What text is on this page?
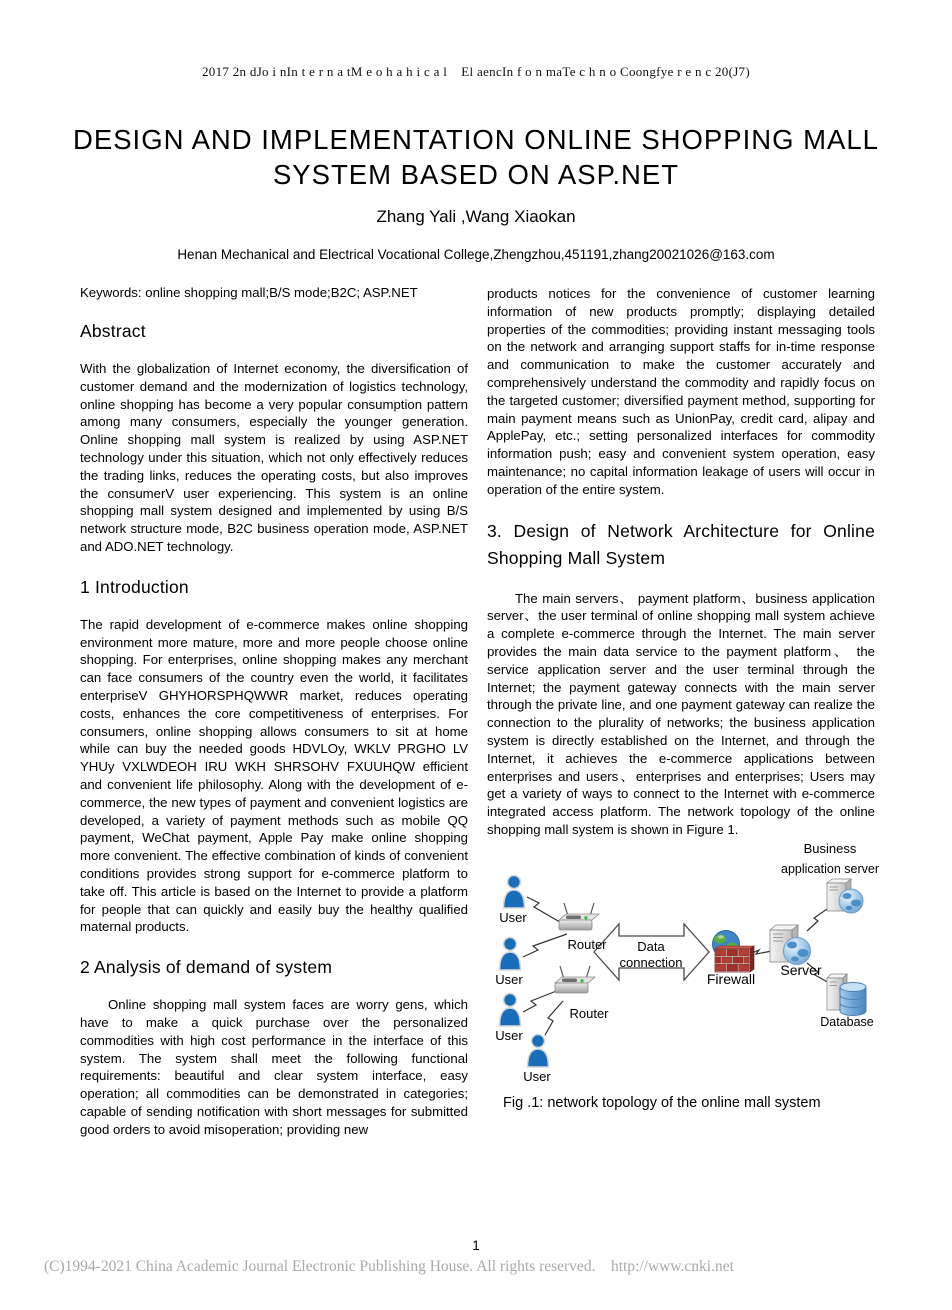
2017 2n dJo i nIn t e r n a tM e o h a h i c a l    El aencIn f o n maTe c h n o Coongfye r e n c 20(J7)
DESIGN AND IMPLEMENTATION ONLINE SHOPPING MALL SYSTEM BASED ON ASP.NET
Zhang Yali ,Wang Xiaokan
Henan Mechanical and Electrical Vocational College,Zhengzhou,451191,zhang20021026@163.com
Keywords: online shopping mall;B/S mode;B2C; ASP.NET
Abstract

With the globalization of Internet economy, the diversification of customer demand and the modernization of logistics technology, online shopping has become a very popular consumption pattern among many consumers, especially the younger generation. Online shopping mall system is realized by using ASP.NET technology under this situation, which not only effectively reduces the trading links, reduces the operating costs, but also improves the consumerV user experiencing. This system is an online shopping mall system designed and implemented by using B/S network structure mode, B2C business operation mode, ASP.NET and ADO.NET technology.

1 Introduction

The rapid development of e-commerce makes online shopping environment more mature, more and more people choose online shopping. For enterprises, online shopping makes any merchant can face consumers of the country even the world, it facilitates enterpriseV GHYHORSPHQWWR market, reduces operating costs, enhances the core competitiveness of enterprises. For consumers, online shopping allows consumers to sit at home while can buy the needed goods HDVLOy, WKLV PRGHO LV YHUy VXLWDEOH IRU WKH SHRSOHV FXUUHQW efficient and convenient life philosophy. Along with the development of e-commerce, the new types of payment and convenient logistics are developed, a variety of payment methods such as mobile QQ payment, WeChat payment, Apple Pay make online shopping more convenient. The effective combination of kinds of convenient conditions provides strong support for e-commerce platform to take off. This article is based on the Internet to provide a platform for people that can quickly and easily buy the healthy qualified maternal products.

2 Analysis of demand of system

Online shopping mall system faces are worry gens, which have to make a quick purchase over the personalized commodities with high cost performance in the interface of this system. The system shall meet the following functional requirements: beautiful and clear system interface, easy operation; all commodities can be demonstrated in categories; capable of sending notification with short messages for submitted good orders to avoid misoperation; providing new

products notices for the convenience of customer learning information of new products promptly; displaying detailed properties of the commodities; providing instant messaging tools on the network and arranging support staffs for in-time response and communication to make the customer accurately and comprehensively understand the commodity and rapidly focus on the targeted customer; diversified payment method, supporting for main payment means such as UnionPay, credit card, alipay and ApplePay, etc.; setting personalized interfaces for commodity information push; easy and convenient system operation, easy maintenance; no capital information leakage of users will occur in operation of the entire system.

3. Design of Network Architecture for Online Shopping Mall System

The main servers、 payment platform、business application server、the user terminal of online shopping mall system achieve a complete e-commerce through the Internet. The main server provides the main data service to the payment platform、 the service application server and the user terminal through the Internet; the payment gateway connects with the main server through the private line, and one payment gateway can realize the connection to the plurality of networks; the business application system is directly established on the Internet, and through the Internet, it achieves the e-commerce applications between enterprises and users、enterprises and enterprises; Users may get a variety of ways to connect to the Internet with e-commerce integrated access platform. The network topology of the online shopping mall system is shown in Figure 1.

Business
application server
User
User
User
User
Router
Router
Data
connection
Firewall
Server
Database

Fig .1: network topology of the online mall system

1
(C)1994-2021 China Academic Journal Electronic Publishing House. All rights reserved.    http://www.cnki.net
